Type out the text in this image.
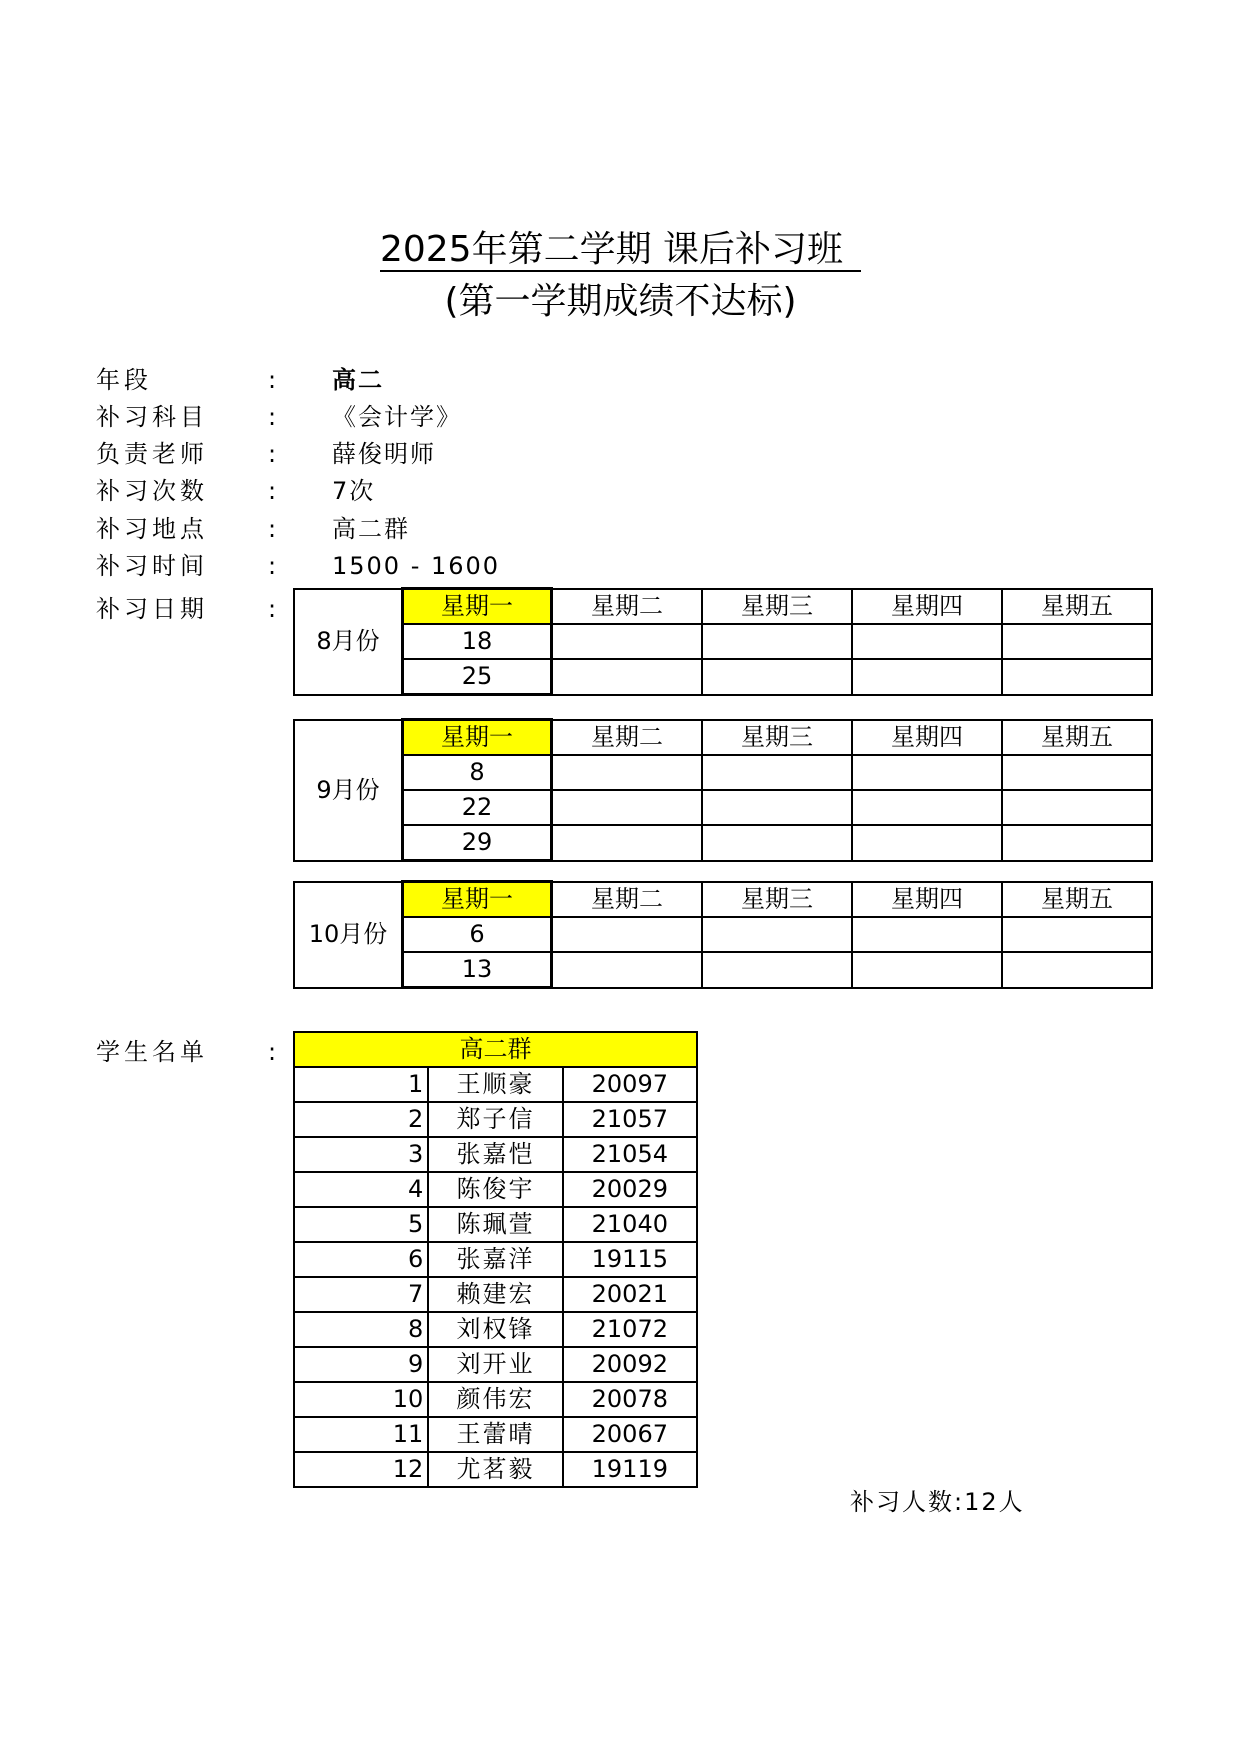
2025年第二学期 课后补习班
(第一学期成绩不达标)
年段	: 高二
补习科目	: 《会计学》
负责老师	: 薛俊明师
补习次数	: 7次
补习地点	: 高二群
补习时间	: 1500 - 1600
补习日期	:
8月份	星期一	星期二	星期三	星期四	星期五
	18				
	25				
9月份	星期一	星期二	星期三	星期四	星期五
	8				
	22				
	29				
10月份	星期一	星期二	星期三	星期四	星期五
	6				
	13				
学生名单	:	高二群		
1	王顺豪	20097
2	郑子信	21057
3	张嘉恺	21054
4	陈俊宇	20029
5	陈珮萱	21040
6	张嘉洋	19115
7	赖建宏	20021
8	刘权锋	21072
9	刘开业	20092
10	颜伟宏	20078
11	王蕾晴	20067
12	尤茗毅	19119
补习人数:12人
